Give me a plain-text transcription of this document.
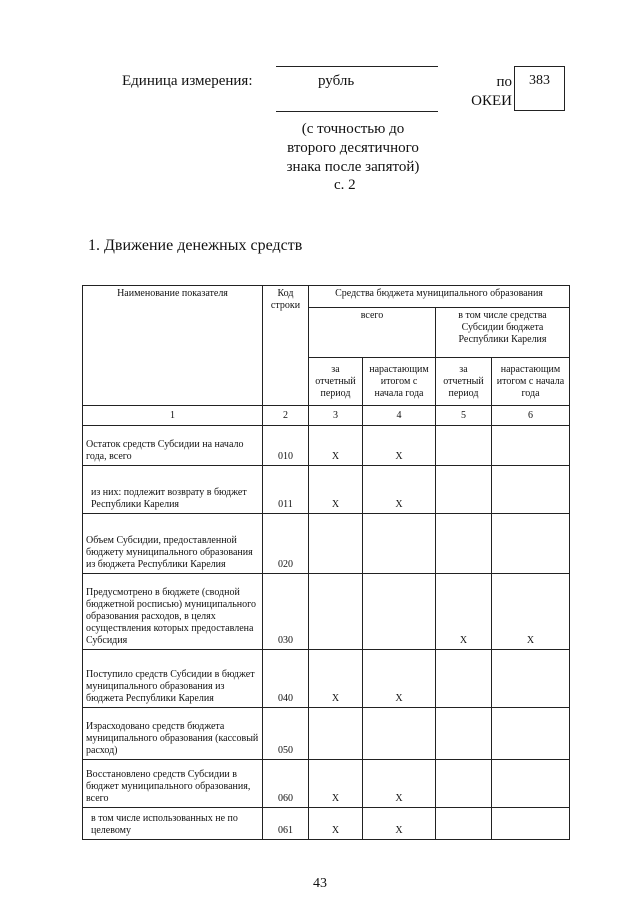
Единица измерения:	рубль	по
ОКЕИ
383
(с точностью до
второго десятичного
знака после запятой)
с. 2
1. Движение денежных средств
Наименование показателя	Код строки	Средства бюджета муниципального образования			
		всего		в том числе средства Субсидии бюджета Республики Карелия	
		за отчетный период	нарастающим итогом с начала года	за отчетный период	нарастающим итогом с начала года
1	2	3	4	5	6
Остаток средств Субсидии на начало года, всего	010	X	X		
из них: подлежит возврату в бюджет Республики Карелия	011	X	X		
Объем Субсидии, предоставленной бюджету муниципального образования из бюджета Республики Карелия	020				
Предусмотрено в бюджете (сводной бюджетной росписью) муниципального образования расходов, в целях осуществления которых предоставлена Субсидия	030			X	X
Поступило средств Субсидии в бюджет муниципального образования из бюджета Республики Карелия	040	X	X		
Израсходовано средств бюджета муниципального образования (кассовый расход)	050				
Восстановлено средств Субсидии в бюджет муниципального образования, всего	060	X	X		
в том числе использованных не по целевому	061	X	X		
43
